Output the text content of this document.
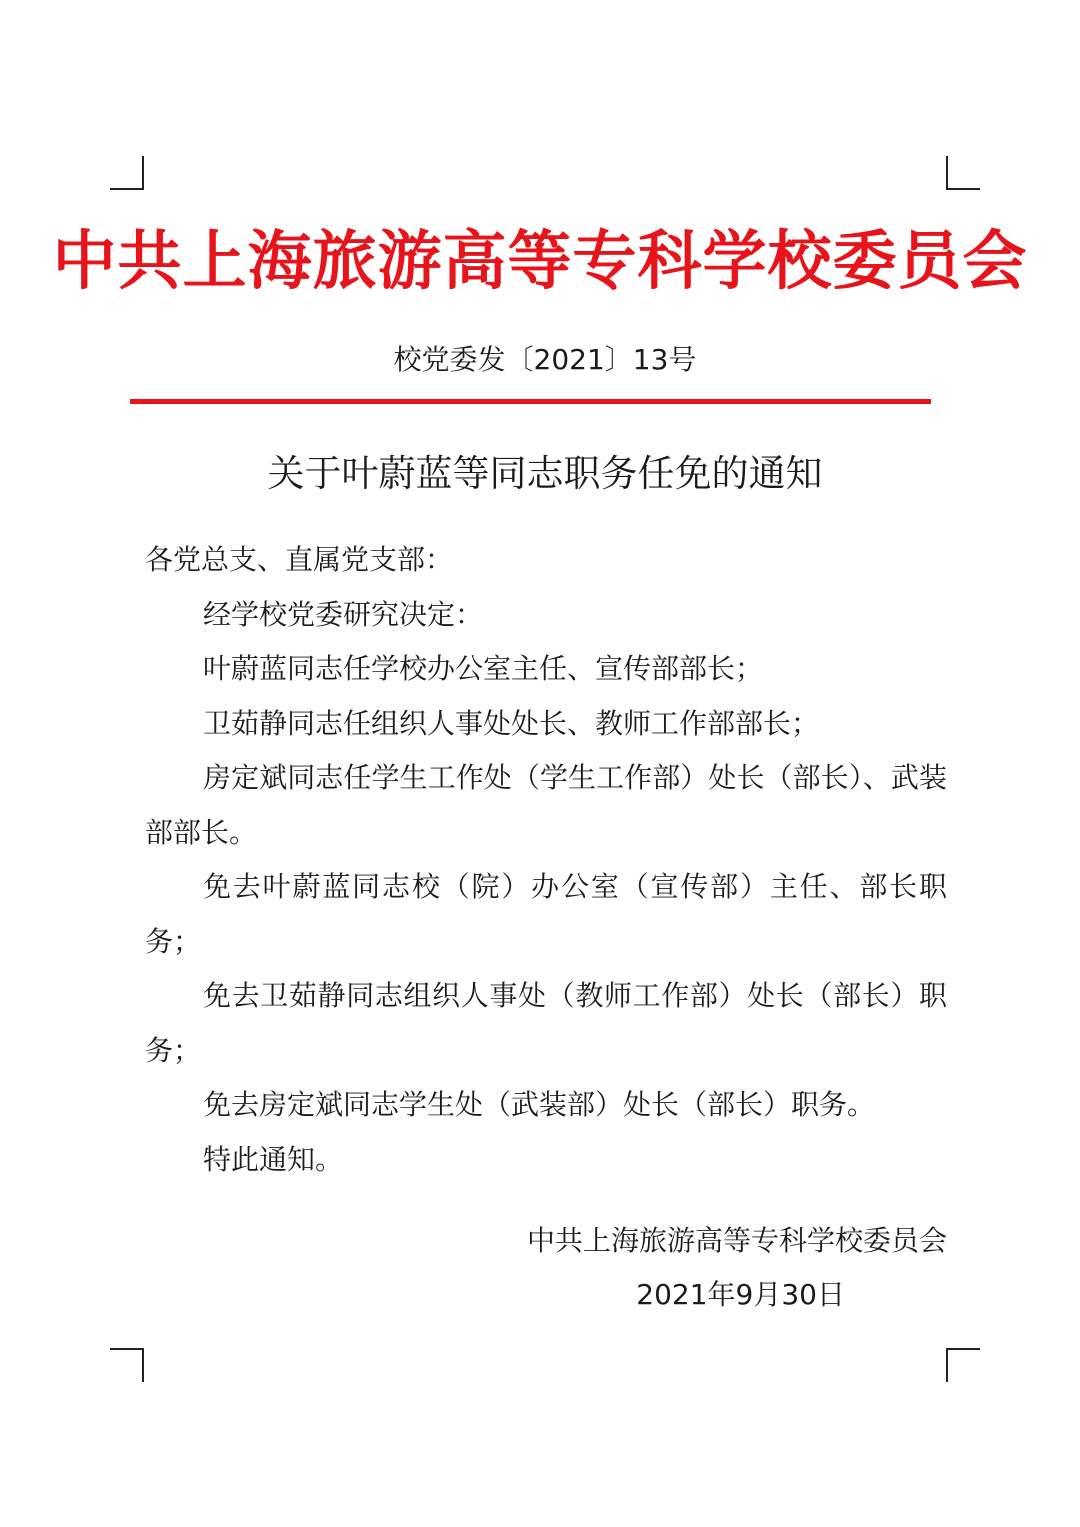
中共上海旅游高等专科学校委员会
校党委发〔2021〕13号
关于叶蔚蓝等同志职务任免的通知

各党总支、直属党支部：

经学校党委研究决定：

叶蔚蓝同志任学校办公室主任、宣传部部长；

卫茹静同志任组织人事处处长、教师工作部部长；

房定斌同志任学生工作处（学生工作部）处长（部长）、武装部部长。

免去叶蔚蓝同志校（院）办公室（宣传部）主任、部长职务；

免去卫茹静同志组织人事处（教师工作部）处长（部长）职务；

免去房定斌同志学生处（武装部）处长（部长）职务。

特此通知。

中共上海旅游高等专科学校委员会
2021年9月30日
